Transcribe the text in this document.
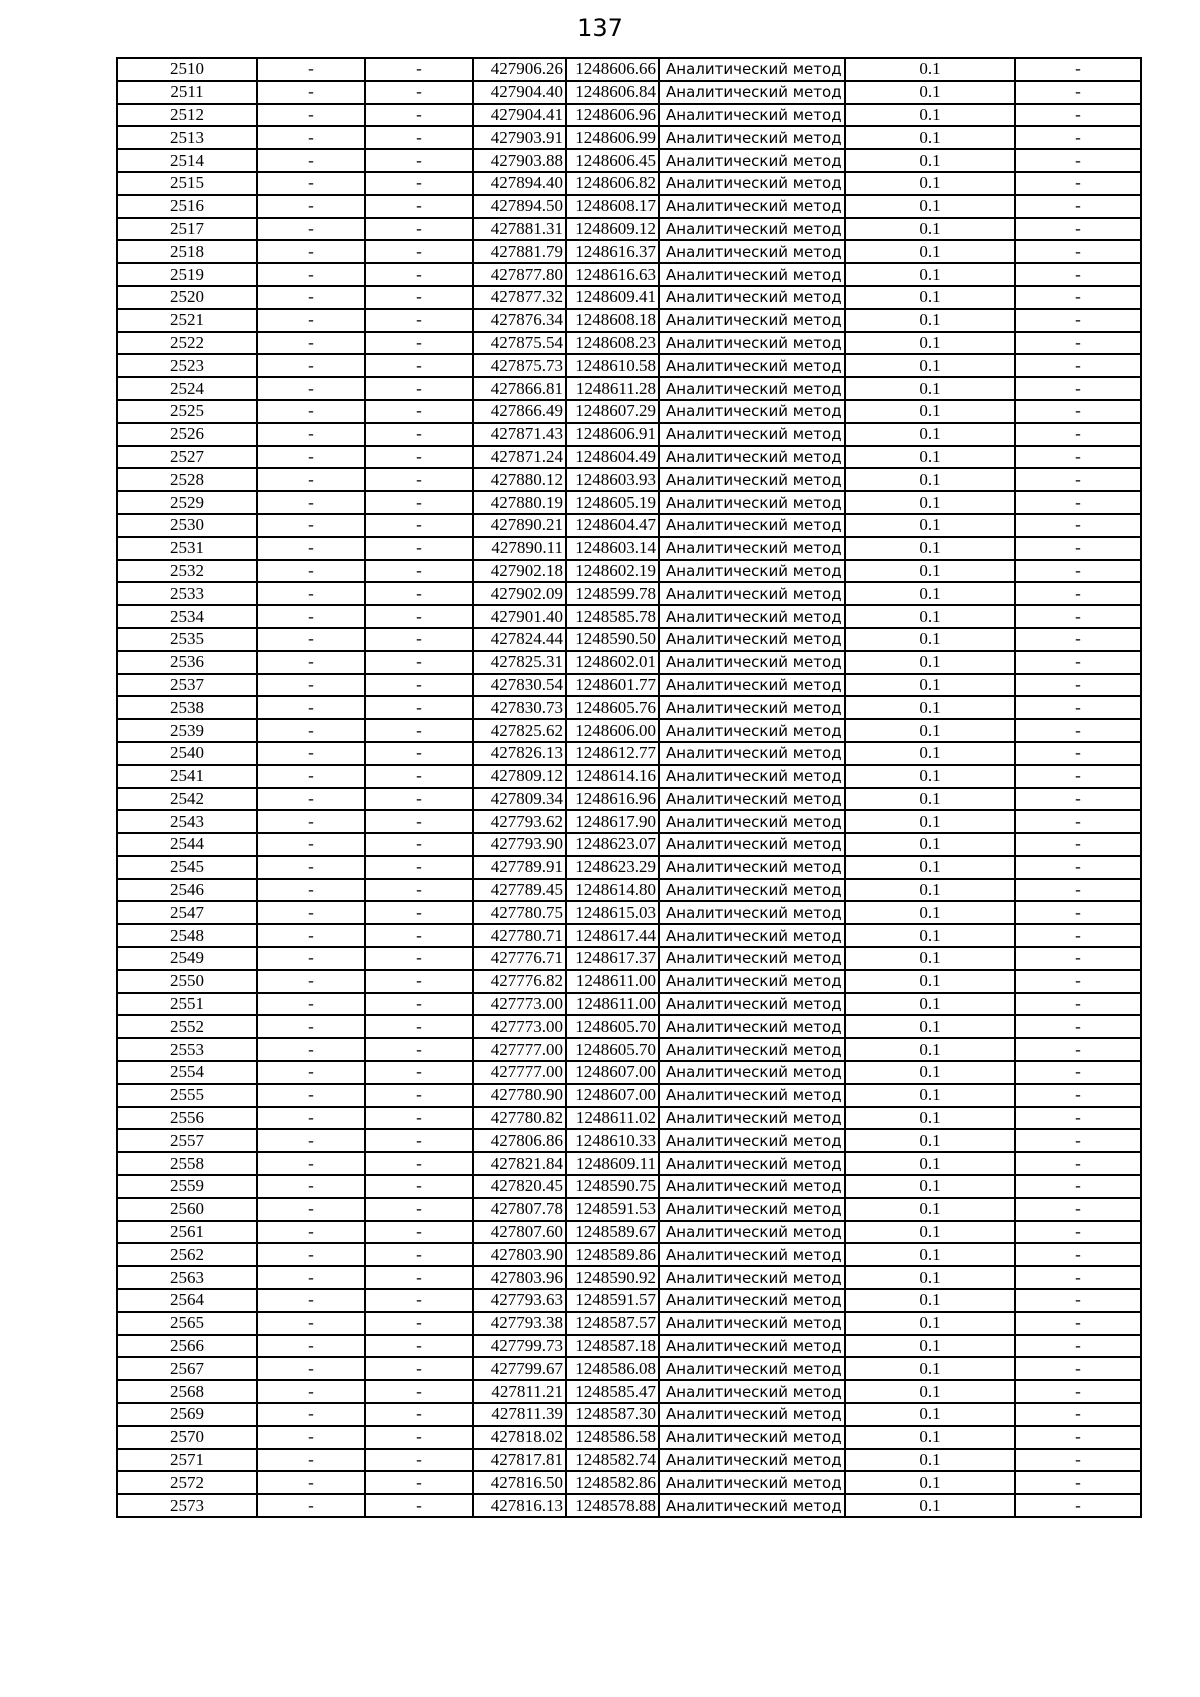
137
2510	-	-	427906.26	1248606.66	Аналитический метод	0.1	-
2511	-	-	427904.40	1248606.84	Аналитический метод	0.1	-
2512	-	-	427904.41	1248606.96	Аналитический метод	0.1	-
2513	-	-	427903.91	1248606.99	Аналитический метод	0.1	-
2514	-	-	427903.88	1248606.45	Аналитический метод	0.1	-
2515	-	-	427894.40	1248606.82	Аналитический метод	0.1	-
2516	-	-	427894.50	1248608.17	Аналитический метод	0.1	-
2517	-	-	427881.31	1248609.12	Аналитический метод	0.1	-
2518	-	-	427881.79	1248616.37	Аналитический метод	0.1	-
2519	-	-	427877.80	1248616.63	Аналитический метод	0.1	-
2520	-	-	427877.32	1248609.41	Аналитический метод	0.1	-
2521	-	-	427876.34	1248608.18	Аналитический метод	0.1	-
2522	-	-	427875.54	1248608.23	Аналитический метод	0.1	-
2523	-	-	427875.73	1248610.58	Аналитический метод	0.1	-
2524	-	-	427866.81	1248611.28	Аналитический метод	0.1	-
2525	-	-	427866.49	1248607.29	Аналитический метод	0.1	-
2526	-	-	427871.43	1248606.91	Аналитический метод	0.1	-
2527	-	-	427871.24	1248604.49	Аналитический метод	0.1	-
2528	-	-	427880.12	1248603.93	Аналитический метод	0.1	-
2529	-	-	427880.19	1248605.19	Аналитический метод	0.1	-
2530	-	-	427890.21	1248604.47	Аналитический метод	0.1	-
2531	-	-	427890.11	1248603.14	Аналитический метод	0.1	-
2532	-	-	427902.18	1248602.19	Аналитический метод	0.1	-
2533	-	-	427902.09	1248599.78	Аналитический метод	0.1	-
2534	-	-	427901.40	1248585.78	Аналитический метод	0.1	-
2535	-	-	427824.44	1248590.50	Аналитический метод	0.1	-
2536	-	-	427825.31	1248602.01	Аналитический метод	0.1	-
2537	-	-	427830.54	1248601.77	Аналитический метод	0.1	-
2538	-	-	427830.73	1248605.76	Аналитический метод	0.1	-
2539	-	-	427825.62	1248606.00	Аналитический метод	0.1	-
2540	-	-	427826.13	1248612.77	Аналитический метод	0.1	-
2541	-	-	427809.12	1248614.16	Аналитический метод	0.1	-
2542	-	-	427809.34	1248616.96	Аналитический метод	0.1	-
2543	-	-	427793.62	1248617.90	Аналитический метод	0.1	-
2544	-	-	427793.90	1248623.07	Аналитический метод	0.1	-
2545	-	-	427789.91	1248623.29	Аналитический метод	0.1	-
2546	-	-	427789.45	1248614.80	Аналитический метод	0.1	-
2547	-	-	427780.75	1248615.03	Аналитический метод	0.1	-
2548	-	-	427780.71	1248617.44	Аналитический метод	0.1	-
2549	-	-	427776.71	1248617.37	Аналитический метод	0.1	-
2550	-	-	427776.82	1248611.00	Аналитический метод	0.1	-
2551	-	-	427773.00	1248611.00	Аналитический метод	0.1	-
2552	-	-	427773.00	1248605.70	Аналитический метод	0.1	-
2553	-	-	427777.00	1248605.70	Аналитический метод	0.1	-
2554	-	-	427777.00	1248607.00	Аналитический метод	0.1	-
2555	-	-	427780.90	1248607.00	Аналитический метод	0.1	-
2556	-	-	427780.82	1248611.02	Аналитический метод	0.1	-
2557	-	-	427806.86	1248610.33	Аналитический метод	0.1	-
2558	-	-	427821.84	1248609.11	Аналитический метод	0.1	-
2559	-	-	427820.45	1248590.75	Аналитический метод	0.1	-
2560	-	-	427807.78	1248591.53	Аналитический метод	0.1	-
2561	-	-	427807.60	1248589.67	Аналитический метод	0.1	-
2562	-	-	427803.90	1248589.86	Аналитический метод	0.1	-
2563	-	-	427803.96	1248590.92	Аналитический метод	0.1	-
2564	-	-	427793.63	1248591.57	Аналитический метод	0.1	-
2565	-	-	427793.38	1248587.57	Аналитический метод	0.1	-
2566	-	-	427799.73	1248587.18	Аналитический метод	0.1	-
2567	-	-	427799.67	1248586.08	Аналитический метод	0.1	-
2568	-	-	427811.21	1248585.47	Аналитический метод	0.1	-
2569	-	-	427811.39	1248587.30	Аналитический метод	0.1	-
2570	-	-	427818.02	1248586.58	Аналитический метод	0.1	-
2571	-	-	427817.81	1248582.74	Аналитический метод	0.1	-
2572	-	-	427816.50	1248582.86	Аналитический метод	0.1	-
2573	-	-	427816.13	1248578.88	Аналитический метод	0.1	-
